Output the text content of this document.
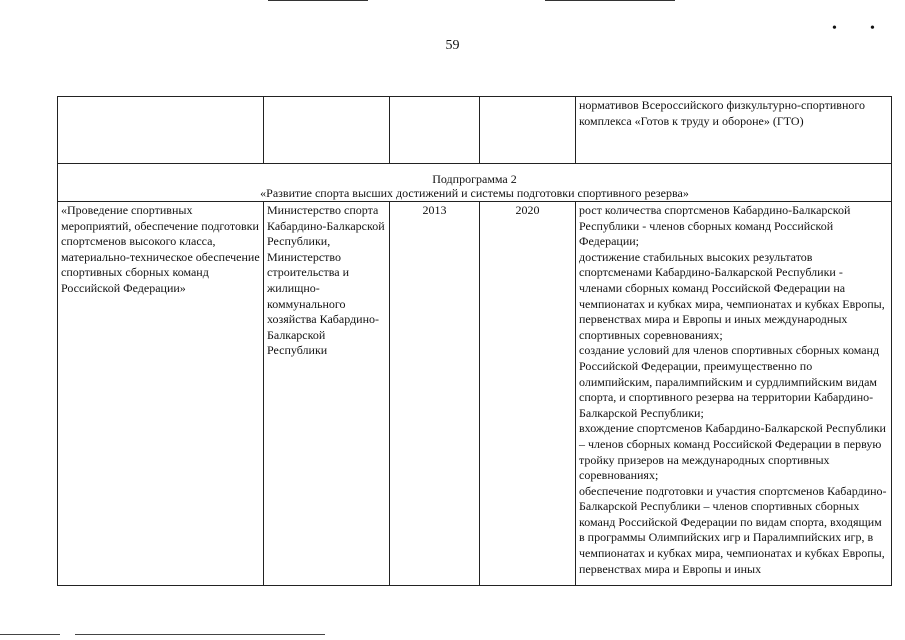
• •
59
				нормативов Всероссийского физкультурно-спортивного комплекса «Готов к труду и обороне» (ГТО)

Подпрограмма 2
«Развитие спорта высших достижений и системы подготовки спортивного резерва»				

«Проведение спортивных мероприятий, обеспечение подготовки спортсменов высокого класса, материально-техническое обеспечение спортивных сборных команд Российской Федерации»	Министерство спорта Кабардино-Балкарской Республики, Министерство строительства и жилищно-коммунального хозяйства Кабардино-Балкарской Республики	2013	2020	рост количества спортсменов Кабардино-Балкарской Республики - членов сборных команд Российской Федерации;
достижение стабильных высоких результатов спортсменами Кабардино-Балкарской Республики - членами сборных команд Российской Федерации на чемпионатах и кубках мира, чемпионатах и кубках Европы, первенствах мира и Европы и иных международных спортивных соревнованиях;
создание условий для членов спортивных сборных команд Российской Федерации, преимущественно по олимпийским, паралимпийским и сурдлимпийским видам спорта, и спортивного резерва на территории Кабардино-Балкарской Республики;
вхождение спортсменов Кабардино-Балкарской Республики – членов сборных команд Российской Федерации в первую тройку призеров на международных спортивных соревнованиях;
обеспечение подготовки и участия спортсменов Кабардино-Балкарской Республики – членов спортивных сборных команд Российской Федерации по видам спорта, входящим в программы Олимпийских игр и Паралимпийских игр, в чемпионатах и кубках мира, чемпионатах и кубках Европы, первенствах мира и Европы и иных
